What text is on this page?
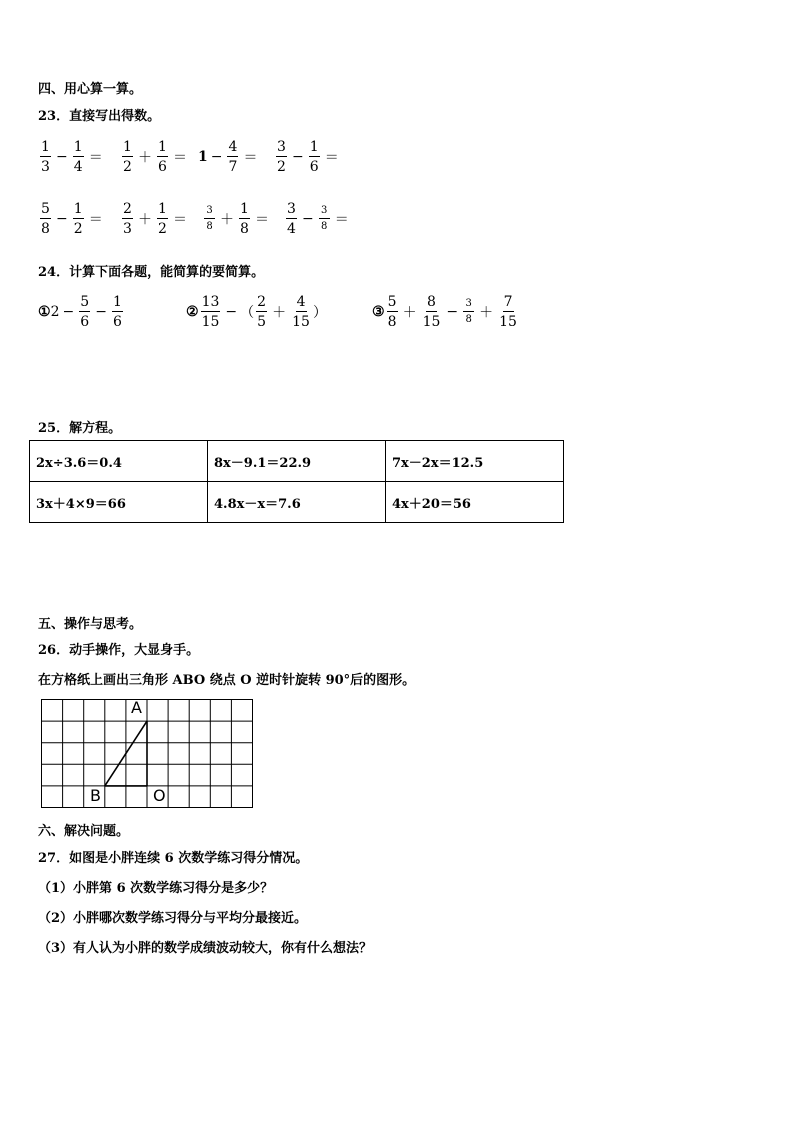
四、用心算一算。
23．直接写出得数。
$\frac{1}{3} - \frac{1}{4} = \frac{1}{2} + \frac{1}{6} = 1 - \frac{4}{7} = \frac{3}{2} - \frac{1}{6}$ ＝
$\frac{5}{8} - \frac{1}{2} = \frac{2}{3} + \frac{1}{2} = \frac{3}{8} + \frac{1}{8} = \frac{3}{4} - \frac{3}{8}$ ＝
24．计算下面各题，能简算的要简算。
① $2 - \frac{5}{6} - \frac{1}{6}$	② $\frac{13}{15}$ − （ $\frac{2}{5} + \frac{4}{15}$ ）	③ $\frac{5}{8} + \frac{8}{15} - \frac{3}{8} + \frac{7}{15}$
25．解方程。
2x÷3.6＝0.4	8x－9.1＝22.9	7x－2x＝12.5
3x＋4×9＝66	4.8x－x＝7.6	4x＋20＝56
五、操作与思考。
26．动手操作，大显身手。
在方格纸上画出三角形 ABO 绕点 O 逆时针旋转 90°后的图形。
A
B	O
六、解决问题。
27．如图是小胖连续 6 次数学练习得分情况。
（1）小胖第 6 次数学练习得分是多少？
（2）小胖哪次数学练习得分与平均分最接近。
（3）有人认为小胖的数学成绩波动较大，你有什么想法？
